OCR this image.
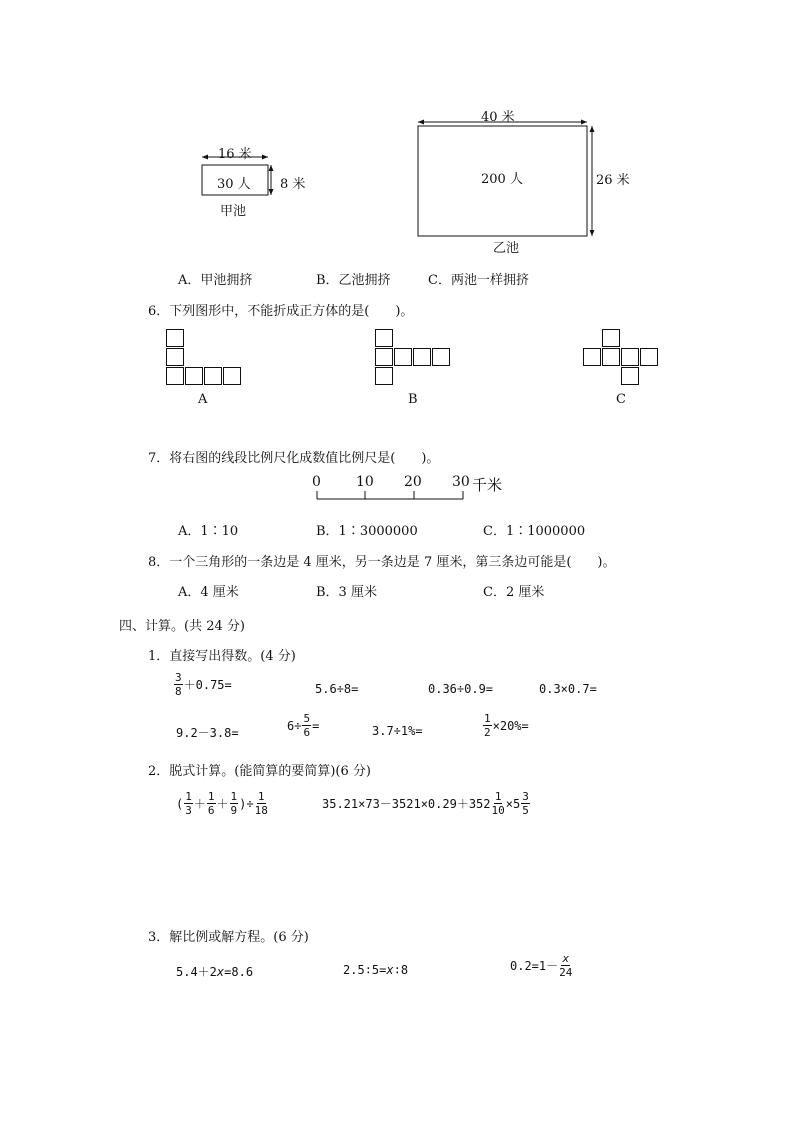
16 米
30 人 8 米
甲池
40 米
200 人	26 米
乙池
A．甲池拥挤	B．乙池拥挤	C．两池一样拥挤
6．下列图形中，不能折成正方体的是(　　)。
A	B	C
7．将右图的线段比例尺化成数值比例尺是(　　)。
0	10 20 30 千米
A．1∶10	B．1∶3000000	C．1∶1000000
8．一个三角形的一条边是 4 厘米，另一条边是 7 厘米，第三条边可能是(　　)。
A．4 厘米	B．3 厘米	C．2 厘米
四、计算。(共 24 分)
1．直接写出得数。(4 分)
$\frac{3}{8} +0.75=$	5.6÷8=	0.36÷0.9=	0.3×0.7=
9.2－3.8=
$6\div \frac{5}{6}$ =	3.7÷1%=	$\frac{1}{2} \times 20\%=$
2．脱式计算。(能简算的要简算)(6 分)
( $\frac{1}{3} + \frac{1}{6} + \frac{1}{9}$ )÷ $\frac{1}{18}$	$35.21\times 73-3521\times 0.29+352 \frac{1}{10} \times 5 \frac{3}{5}$
3．解比例或解方程。(6 分)
5.4＋2x=8.6	2.5∶5=x∶8	$0.2=1- \frac{x}{24}$
